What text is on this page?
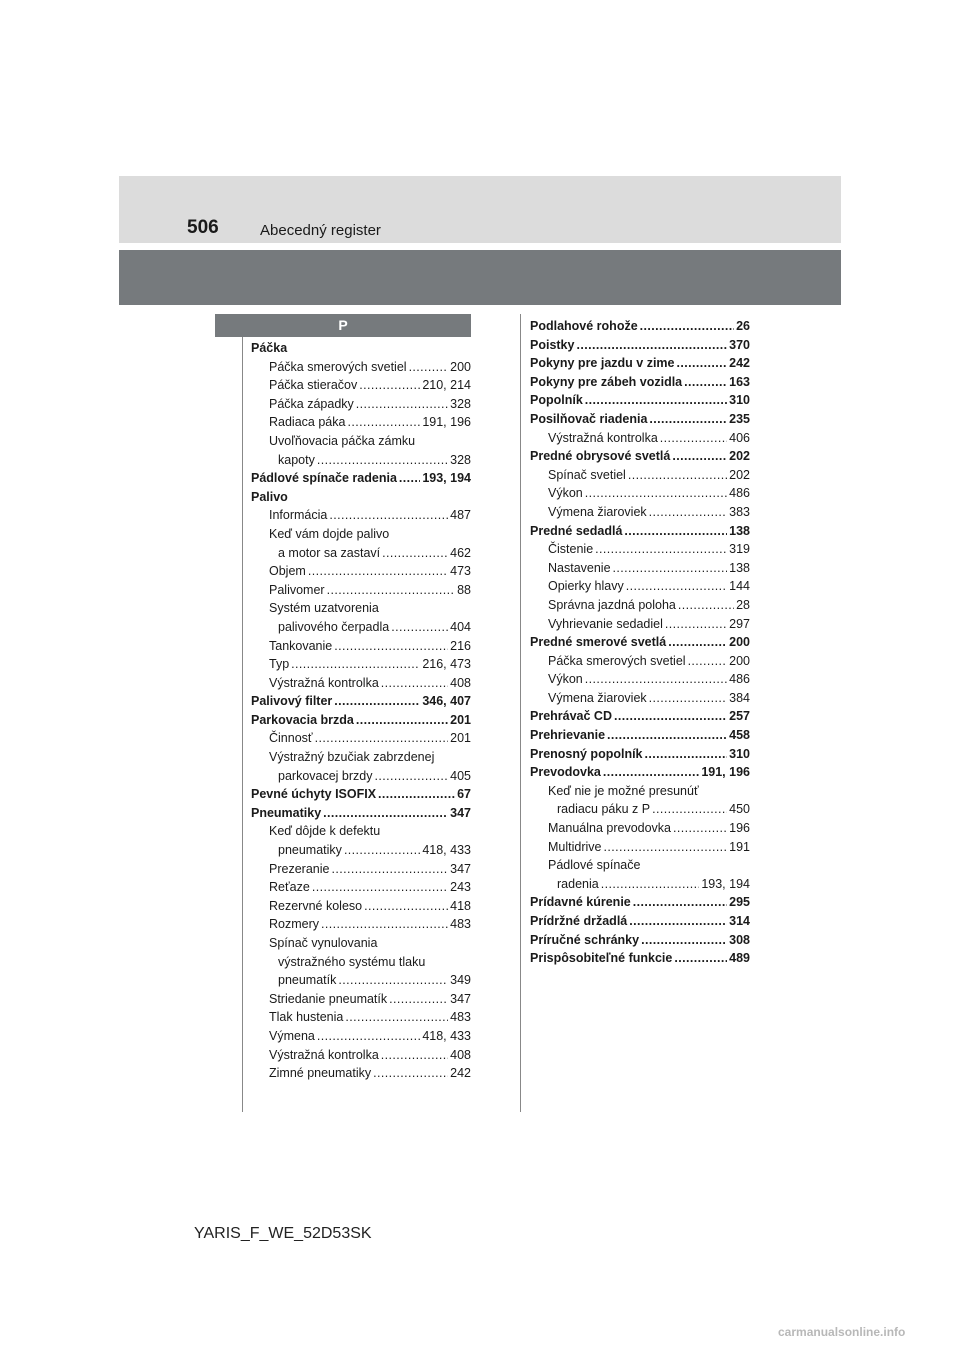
506	Abecedný register
P
Páčka
Páčka smerových svetiel .....	200
Páčka stieračov .....	210, 214
Páčka západky .....	328
Radiaca páka .....	191, 196
Uvoľňovacia páčka zámku
kapoty .....	328
Pádlové spínače radenia ..... 193, 194
Palivo
Informácia .....	487
Keď vám dojde palivo
a motor sa zastaví .....	462
Objem .....	473
Palivomer .....	88
Systém uzatvorenia
palivového čerpadla .....	404
Tankovanie .....	216
Typ .....	216, 473
Výstražná kontrolka .....	408
Palivový filter .....	346, 407
Parkovacia brzda .....	201
Činnosť .....	201
Výstražný bzučiak zabrzdenej
parkovacej brzdy .....	405
Pevné úchyty ISOFIX .....	67
Pneumatiky .....	347
Keď dôjde k defektu
pneumatiky .....	418, 433
Prezeranie .....	347
Reťaze .....	243
Rezervné koleso .....	418
Rozmery .....	483
Spínač vynulovania
výstražného systému tlaku
pneumatík .....	349
Striedanie pneumatík .....	347
Tlak hustenia .....	483
Výmena .....	418, 433
Výstražná kontrolka .....	408
Zimné pneumatiky .....	242
Podlahové rohože .....	26
Poistky .....	370
Pokyny pre jazdu v zime .....	242
Pokyny pre zábeh vozidla .....	163
Popolník .....	310
Posilňovač riadenia .....	235
Výstražná kontrolka .....	406
Predné obrysové svetlá .....	202
Spínač svetiel .....	202
Výkon .....	486
Výmena žiaroviek .....	383
Predné sedadlá .....	138
Čistenie .....	319
Nastavenie .....	138
Opierky hlavy .....	144
Správna jazdná poloha .....	28
Vyhrievanie sedadiel .....	297
Predné smerové svetlá .....	200
Páčka smerových svetiel .....	200
Výkon .....	486
Výmena žiaroviek .....	384
Prehrávač CD .....	257
Prehrievanie .....	458
Prenosný popolník .....	310
Prevodovka .....	191, 196
Keď nie je možné presunúť
radiacu páku z P .....	450
Manuálna prevodovka .....	196
Multidrive .....	191
Pádlové spínače
radenia .....	193, 194
Prídavné kúrenie .....	295
Prídržné držadlá .....	314
Príručné schránky .....	308
Prispôsobiteľné funkcie .....	489
YARIS_F_WE_52D53SK
carmanualsonline.info
